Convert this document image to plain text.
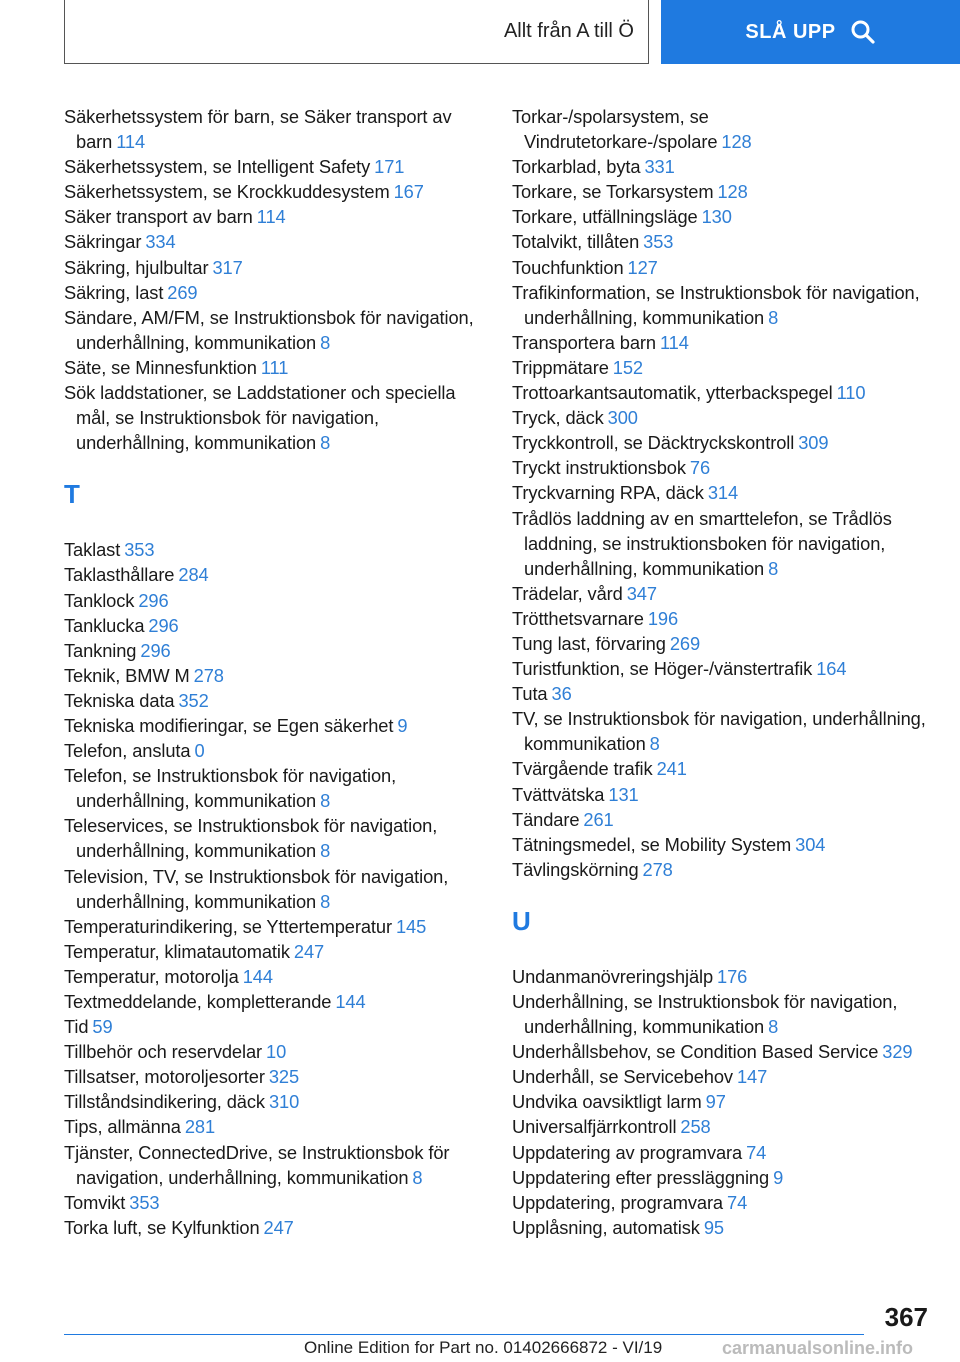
Allt från A till Ö	SLÅ UPP
Säkerhetssystem för barn, se Säker transport av barn 114
Säkerhetssystem, se Intelligent Safety 171
Säkerhetssystem, se Krockkuddesystem 167
Säker transport av barn 114
Säkringar 334
Säkring, hjulbultar 317
Säkring, last 269
Sändare, AM/FM, se Instruktionsbok för navigation, underhållning, kommunikation 8
Säte, se Minnesfunktion 111
Sök laddstationer, se Laddstationer och speciella mål, se Instruktionsbok för navigation, underhållning, kommunikation 8
T
Taklast 353
Taklasthållare 284
Tanklock 296
Tanklucka 296
Tankning 296
Teknik, BMW M 278
Tekniska data 352
Tekniska modifieringar, se Egen säkerhet 9
Telefon, ansluta 0
Telefon, se Instruktionsbok för navigation, underhållning, kommunikation 8
Teleservices, se Instruktionsbok för navigation, underhållning, kommunikation 8
Television, TV, se Instruktionsbok för navigation, underhållning, kommunikation 8
Temperaturindikering, se Yttertemperatur 145
Temperatur, klimatautomatik 247
Temperatur, motorolja 144
Textmeddelande, kompletterande 144
Tid 59
Tillbehör och reservdelar 10
Tillsatser, motoroljesorter 325
Tillståndsindikering, däck 310
Tips, allmänna 281
Tjänster, ConnectedDrive, se Instruktionsbok för navigation, underhållning, kommunikation 8
Tomvikt 353
Torka luft, se Kylfunktion 247
Torkar-/spolarsystem, se Vindrutetorkare-/spolare 128
Torkarblad, byta 331
Torkare, se Torkarsystem 128
Torkare, utfällningsläge 130
Totalvikt, tillåten 353
Touchfunktion 127
Trafikinformation, se Instruktionsbok för navigation, underhållning, kommunikation 8
Transportera barn 114
Trippmätare 152
Trottoarkantsautomatik, ytterbackspegel 110
Tryck, däck 300
Tryckkontroll, se Däcktryckskontroll 309
Tryckt instruktionsbok 76
Tryckvarning RPA, däck 314
Trådlös laddning av en smarttelefon, se Trådlös laddning, se instruktionsboken för navigation, underhållning, kommunikation 8
Trädelar, vård 347
Trötthetsvarnare 196
Tung last, förvaring 269
Turistfunktion, se Höger-/vänstertrafik 164
Tuta 36
TV, se Instruktionsbok för navigation, underhållning, kommunikation 8
Tvärgående trafik 241
Tvättvätska 131
Tändare 261
Tätningsmedel, se Mobility System 304
Tävlingskörning 278
U
Undanmanövreringshjälp 176
Underhållning, se Instruktionsbok för navigation, underhållning, kommunikation 8
Underhållsbehov, se Condition Based Service 329
Underhåll, se Servicebehov 147
Undvika oavsiktligt larm 97
Universalfjärrkontroll 258
Uppdatering av programvara 74
Uppdatering efter pressläggning 9
Uppdatering, programvara 74
Upplåsning, automatisk 95
367
Online Edition for Part no. 01402666872 - VI/19	carmanualsonline.info
